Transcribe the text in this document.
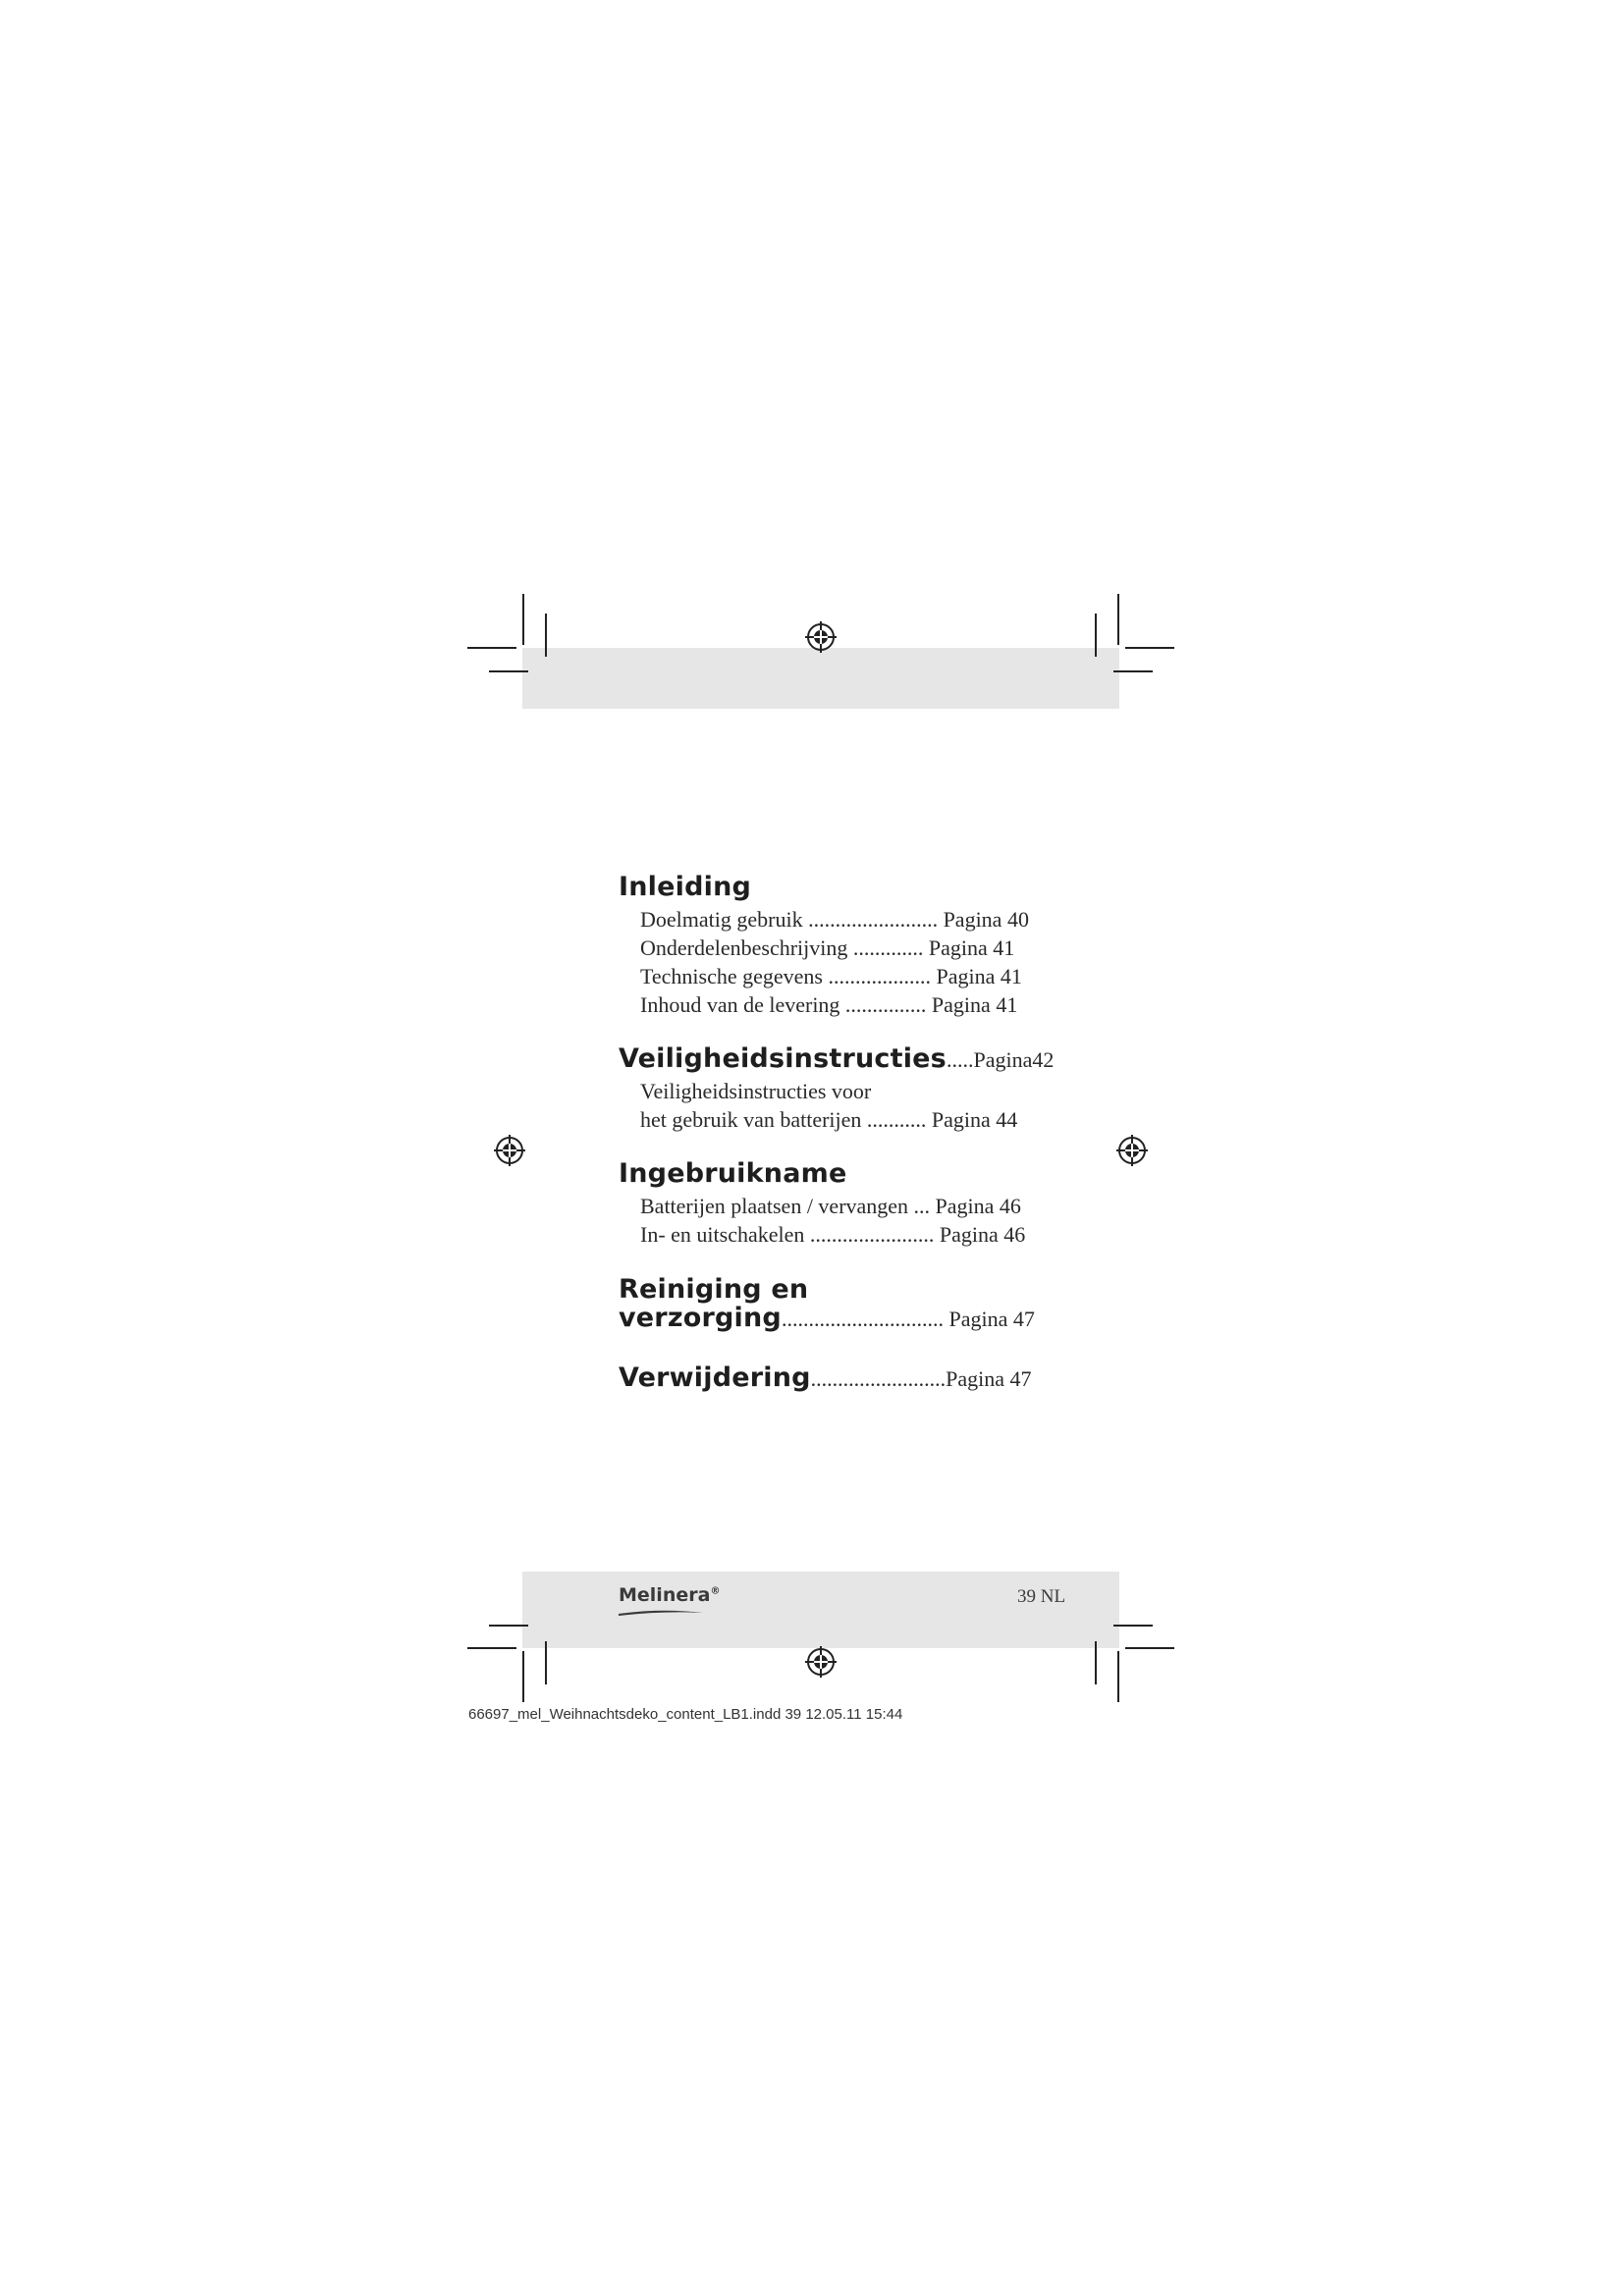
Inleiding
Doelmatig gebruik ........................ Pagina 40
Onderdelenbeschrijving ............. Pagina 41
Technische gegevens ................... Pagina 41
Inhoud van de levering ............... Pagina 41
Veiligheidsinstructies.....Pagina42
Veiligheidsinstructies voor
het gebruik van batterijen ........... Pagina 44
Ingebruikname
Batterijen plaatsen / vervangen ... Pagina 46
In- en uitschakelen ....................... Pagina 46
Reiniging en
verzorging.............................. Pagina 47
Verwijdering.........................Pagina 47
Melinera®	39 NL
66697_mel_Weihnachtsdeko_content_LB1.indd 39 12.05.11 15:44
